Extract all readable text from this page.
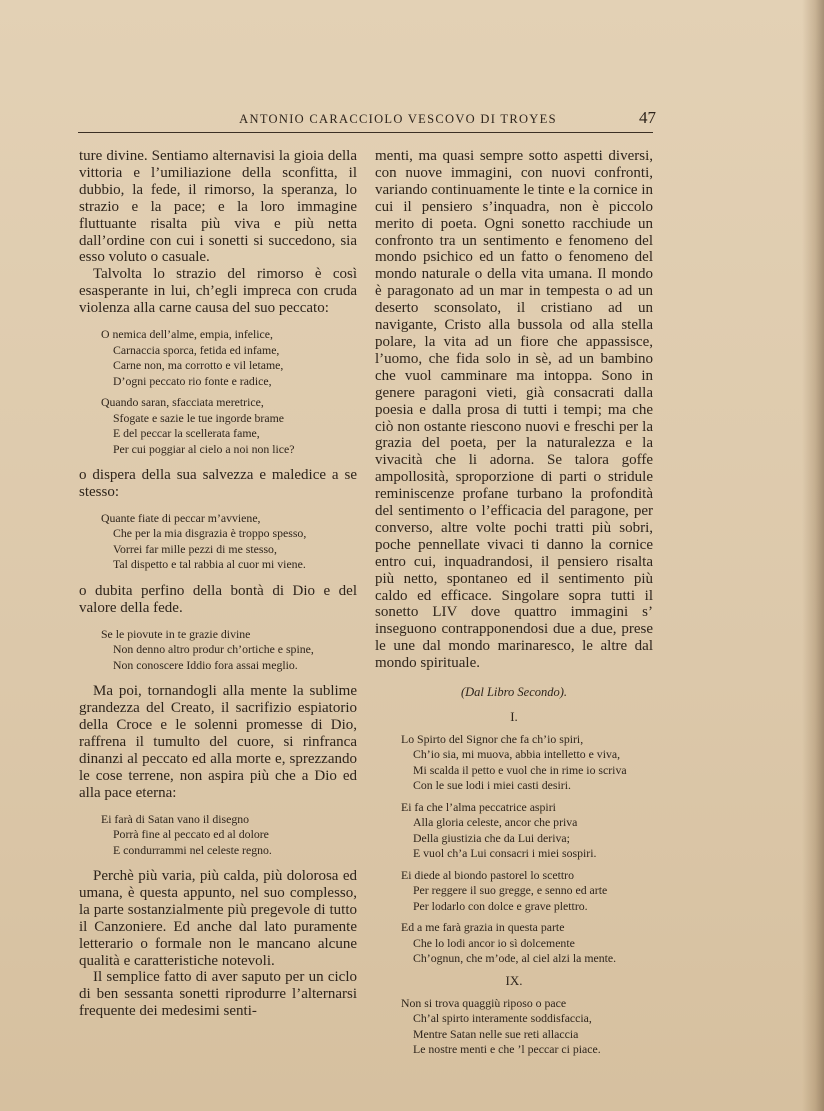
ANTONIO CARACCIOLO VESCOVO DI TROYES	47

ture divine. Sentiamo alternavisi la gioia della vittoria e l’umiliazione della sconfitta, il dubbio, la fede, il rimorso, la speranza, lo strazio e la pace; e la loro immagine fluttuante risalta più viva e più netta dall’ordine con cui i sonetti si succedono, sia esso voluto o casuale.

Talvolta lo strazio del rimorso è così esasperante in lui, ch’egli impreca con cruda violenza alla carne causa del suo peccato:

O nemica dell’alme, empia, infelice,
Carnaccia sporca, fetida ed infame,
Carne non, ma corrotto e vil letame,
D’ogni peccato rio fonte e radice,
Quando saran, sfacciata meretrice,
Sfogate e sazie le tue ingorde brame
E del peccar la scellerata fame,
Per cui poggiar al cielo a noi non lice?

o dispera della sua salvezza e maledice a se stesso:

Quante fiate di peccar m’avviene,
Che per la mia disgrazia è troppo spesso,
Vorrei far mille pezzi di me stesso,
Tal dispetto e tal rabbia al cuor mi viene.

o dubita perfino della bontà di Dio e del valore della fede.

Se le piovute in te grazie divine
Non denno altro produr ch’ortiche e spine,
Non conoscere Iddio fora assai meglio.

Ma poi, tornandogli alla mente la sublime grandezza del Creato, il sacrifizio espiatorio della Croce e le solenni promesse di Dio, raffrena il tumulto del cuore, si rinfranca dinanzi al peccato ed alla morte e, sprezzando le cose terrene, non aspira più che a Dio ed alla pace eterna:

Ei farà di Satan vano il disegno
Porrà fine al peccato ed al dolore
E condurrammi nel celeste regno.

Perchè più varia, più calda, più dolorosa ed umana, è questa appunto, nel suo complesso, la parte sostanzialmente più pregevole di tutto il Canzoniere. Ed anche dal lato puramente letterario o formale non le mancano alcune qualità e caratteristiche notevoli.

Il semplice fatto di aver saputo per un ciclo di ben sessanta sonetti riprodurre l’alternarsi frequente dei medesimi senti-

menti, ma quasi sempre sotto aspetti diversi, con nuove immagini, con nuovi confronti, variando continuamente le tinte e la cornice in cui il pensiero s’inquadra, non è piccolo merito di poeta. Ogni sonetto racchiude un confronto tra un sentimento e fenomeno del mondo psichico ed un fatto o fenomeno del mondo naturale o della vita umana. Il mondo è paragonato ad un mar in tempesta o ad un deserto sconsolato, il cristiano ad un navigante, Cristo alla bussola od alla stella polare, la vita ad un fiore che appassisce, l’uomo, che fida solo in sè, ad un bambino che vuol camminare ma intoppa. Sono in genere paragoni vieti, già consacrati dalla poesia e dalla prosa di tutti i tempi; ma che ciò non ostante riescono nuovi e freschi per la grazia del poeta, per la naturalezza e la vivacità che li adorna. Se talora goffe ampollosità, sproporzione di parti o stridule reminiscenze profane turbano la profondità del sentimento o l’efficacia del paragone, per converso, altre volte pochi tratti più sobri, poche pennellate vivaci ti danno la cornice entro cui, inquadrandosi, il pensiero risalta più netto, spontaneo ed il sentimento più caldo ed efficace. Singolare sopra tutti il sonetto LIV dove quattro immagini s’ inseguono contrapponendosi due a due, prese le une dal mondo marinaresco, le altre dal mondo spirituale.

(Dal Libro Secondo).
I.
Lo Spirto del Signor che fa ch’io spiri,
Ch’io sia, mi muova, abbia intelletto e viva,
Mi scalda il petto e vuol che in rime io scriva
Con le sue lodi i miei casti desiri.
Ei fa che l’alma peccatrice aspiri
Alla gloria celeste, ancor che priva
Della giustizia che da Lui deriva;
E vuol ch’a Lui consacri i miei sospiri.
Ei diede al biondo pastorel lo scettro
Per reggere il suo gregge, e senno ed arte
Per lodarlo con dolce e grave plettro.
Ed a me farà grazia in questa parte
Che lo lodi ancor io sì dolcemente
Ch’ognun, che m’ode, al ciel alzi la mente.
IX.
Non si trova quaggiù riposo o pace
Ch’al spirto interamente soddisfaccia,
Mentre Satan nelle sue reti allaccia
Le nostre menti e che ’l peccar ci piace.
